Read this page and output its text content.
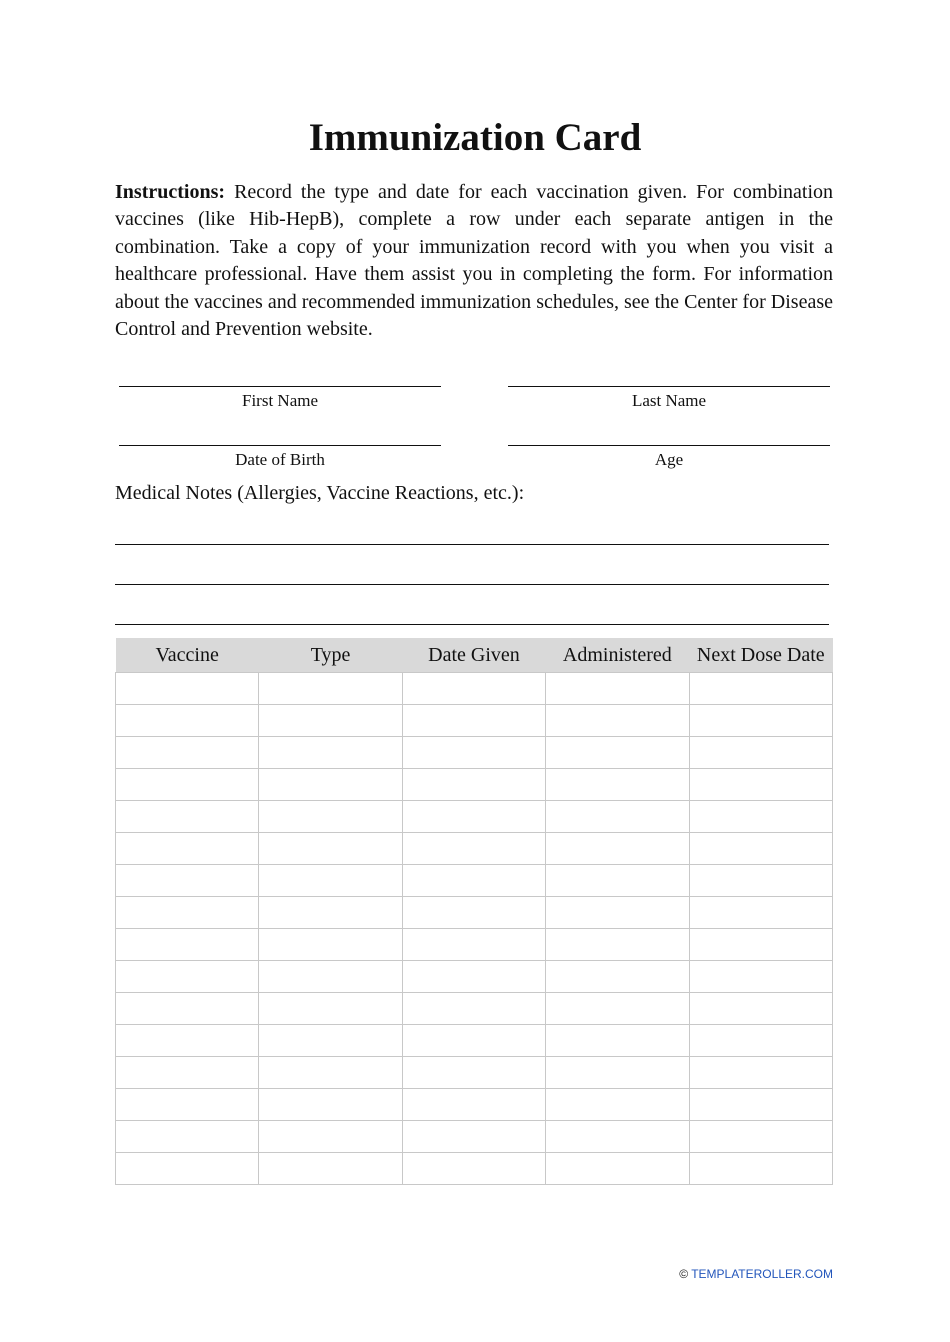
Immunization Card

Instructions: Record the type and date for each vaccination given. For combination vaccines (like Hib-HepB), complete a row under each separate antigen in the combination. Take a copy of your immunization record with you when you visit a healthcare professional. Have them assist you in completing the form. For information about the vaccines and recommended immunization schedules, see the Center for Disease Control and Prevention website.

First Name	Last Name
Date of Birth	Age

Medical Notes (Allergies, Vaccine Reactions, etc.):

Vaccine	Type	Date Given	Administered	Next Dose Date

© TEMPLATEROLLER.COM
